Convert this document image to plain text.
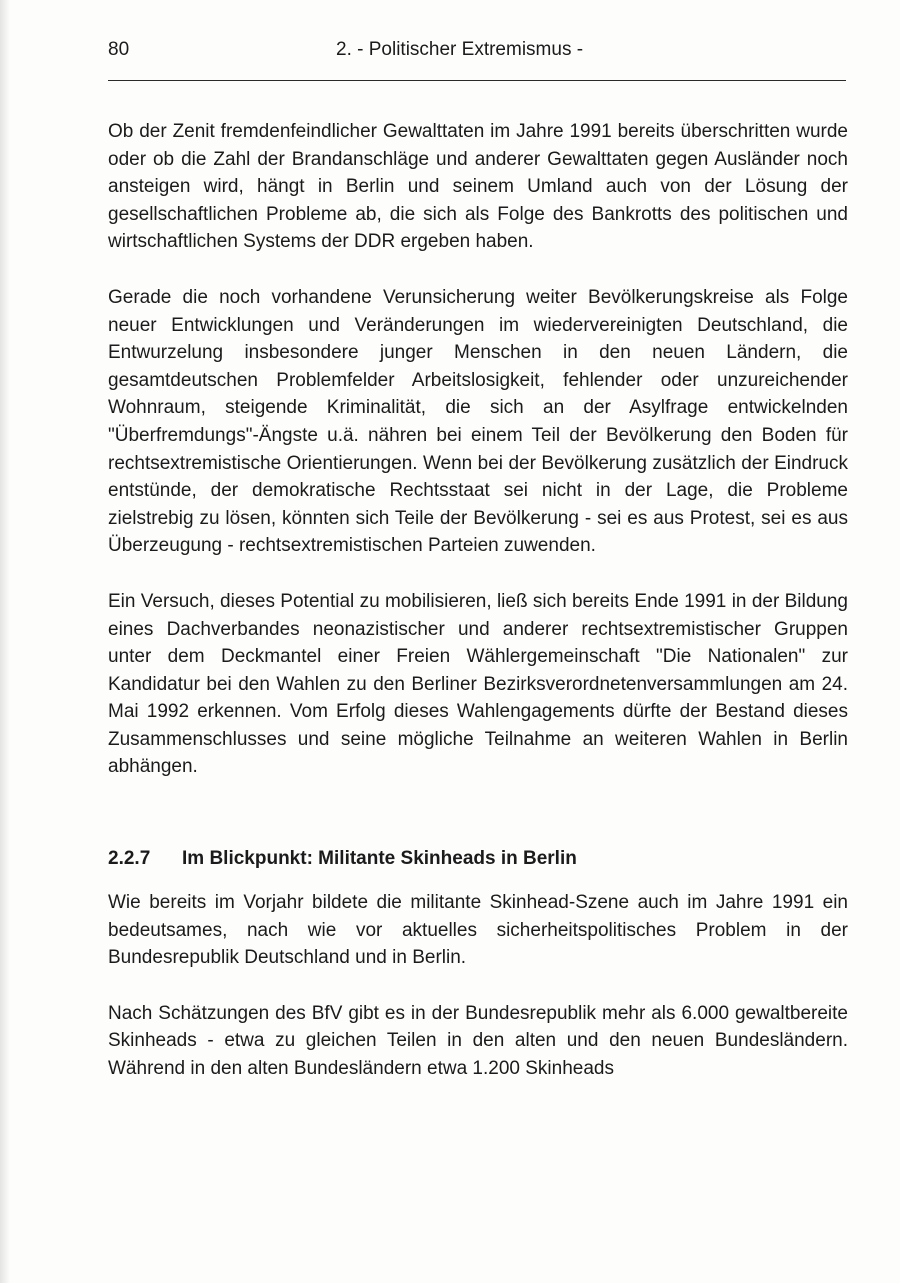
80	2. - Politischer Extremismus -

Ob der Zenit fremdenfeindlicher Gewalttaten im Jahre 1991 bereits überschritten wurde oder ob die Zahl der Brandanschläge und anderer Gewalttaten gegen Ausländer noch ansteigen wird, hängt in Berlin und seinem Umland auch von der Lösung der gesellschaftlichen Probleme ab, die sich als Folge des Bankrotts des politischen und wirtschaftlichen Systems der DDR ergeben haben.

Gerade die noch vorhandene Verunsicherung weiter Bevölkerungskreise als Folge neuer Entwicklungen und Veränderungen im wiedervereinigten Deutschland, die Entwurzelung insbesondere junger Menschen in den neuen Ländern, die gesamtdeutschen Problemfelder Arbeitslosigkeit, fehlender oder unzureichender Wohnraum, steigende Kriminalität, die sich an der Asylfrage entwickelnden "Überfremdungs"-Ängste u.ä. nähren bei einem Teil der Bevölkerung den Boden für rechtsextremistische Orientierungen. Wenn bei der Bevölkerung zusätzlich der Eindruck entstünde, der demokratische Rechtsstaat sei nicht in der Lage, die Probleme zielstrebig zu lösen, könnten sich Teile der Bevölkerung - sei es aus Protest, sei es aus Überzeugung - rechtsextremistischen Parteien zuwenden.

Ein Versuch, dieses Potential zu mobilisieren, ließ sich bereits Ende 1991 in der Bildung eines Dachverbandes neonazistischer und anderer rechtsextremistischer Gruppen unter dem Deckmantel einer Freien Wählergemeinschaft "Die Nationalen" zur Kandidatur bei den Wahlen zu den Berliner Bezirksverordnetenversammlungen am 24. Mai 1992 erkennen. Vom Erfolg dieses Wahlengagements dürfte der Bestand dieses Zusammenschlusses und seine mögliche Teilnahme an weiteren Wahlen in Berlin abhängen.

2.2.7 Im Blickpunkt: Militante Skinheads in Berlin

Wie bereits im Vorjahr bildete die militante Skinhead-Szene auch im Jahre 1991 ein bedeutsames, nach wie vor aktuelles sicherheitspolitisches Problem in der Bundesrepublik Deutschland und in Berlin.

Nach Schätzungen des BfV gibt es in der Bundesrepublik mehr als 6.000 gewaltbereite Skinheads - etwa zu gleichen Teilen in den alten und den neuen Bundesländern. Während in den alten Bundesländern etwa 1.200 Skinheads
